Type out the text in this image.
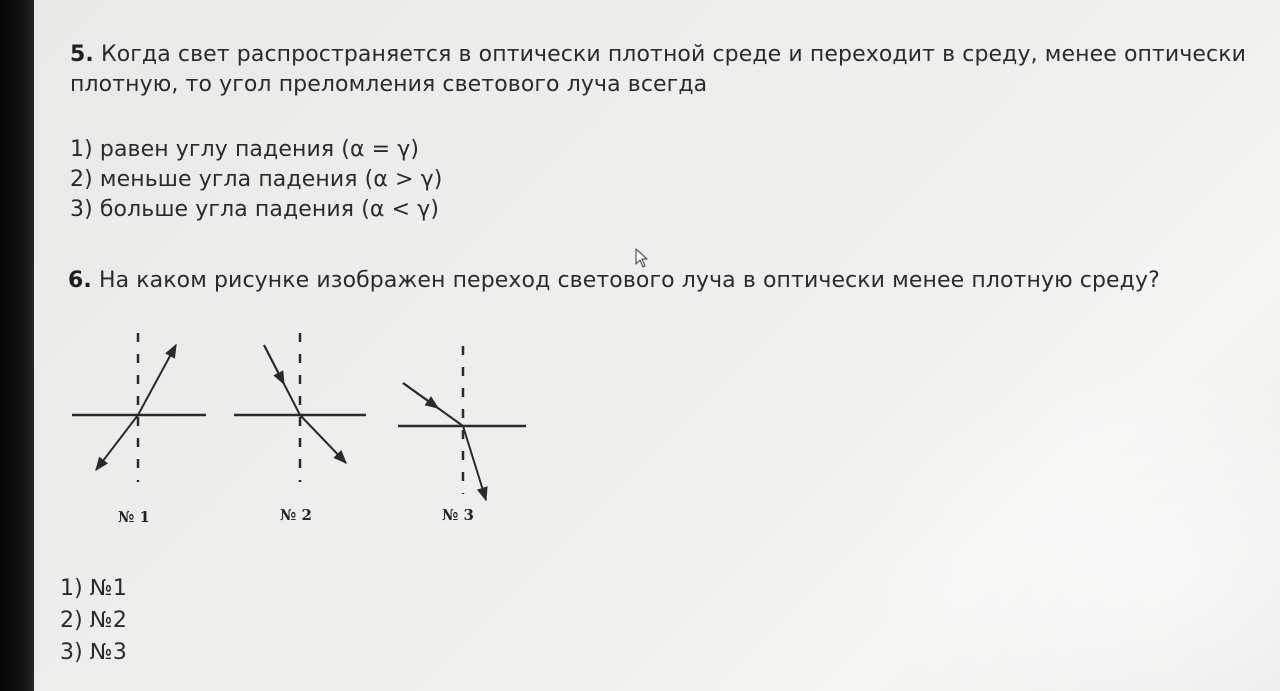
5. Когда свет распространяется в оптически плотной среде и переходит в среду, менее оптически
плотную, то угол преломления светового луча всегда
1) равен углу падения (α = γ)
2) меньше угла падения (α > γ)
3) больше угла падения (α < γ)
6. На каком рисунке изображен переход светового луча в оптически менее плотную среду?
№ 1	№ 2	№ 3
1) №1
2) №2
3) №3
